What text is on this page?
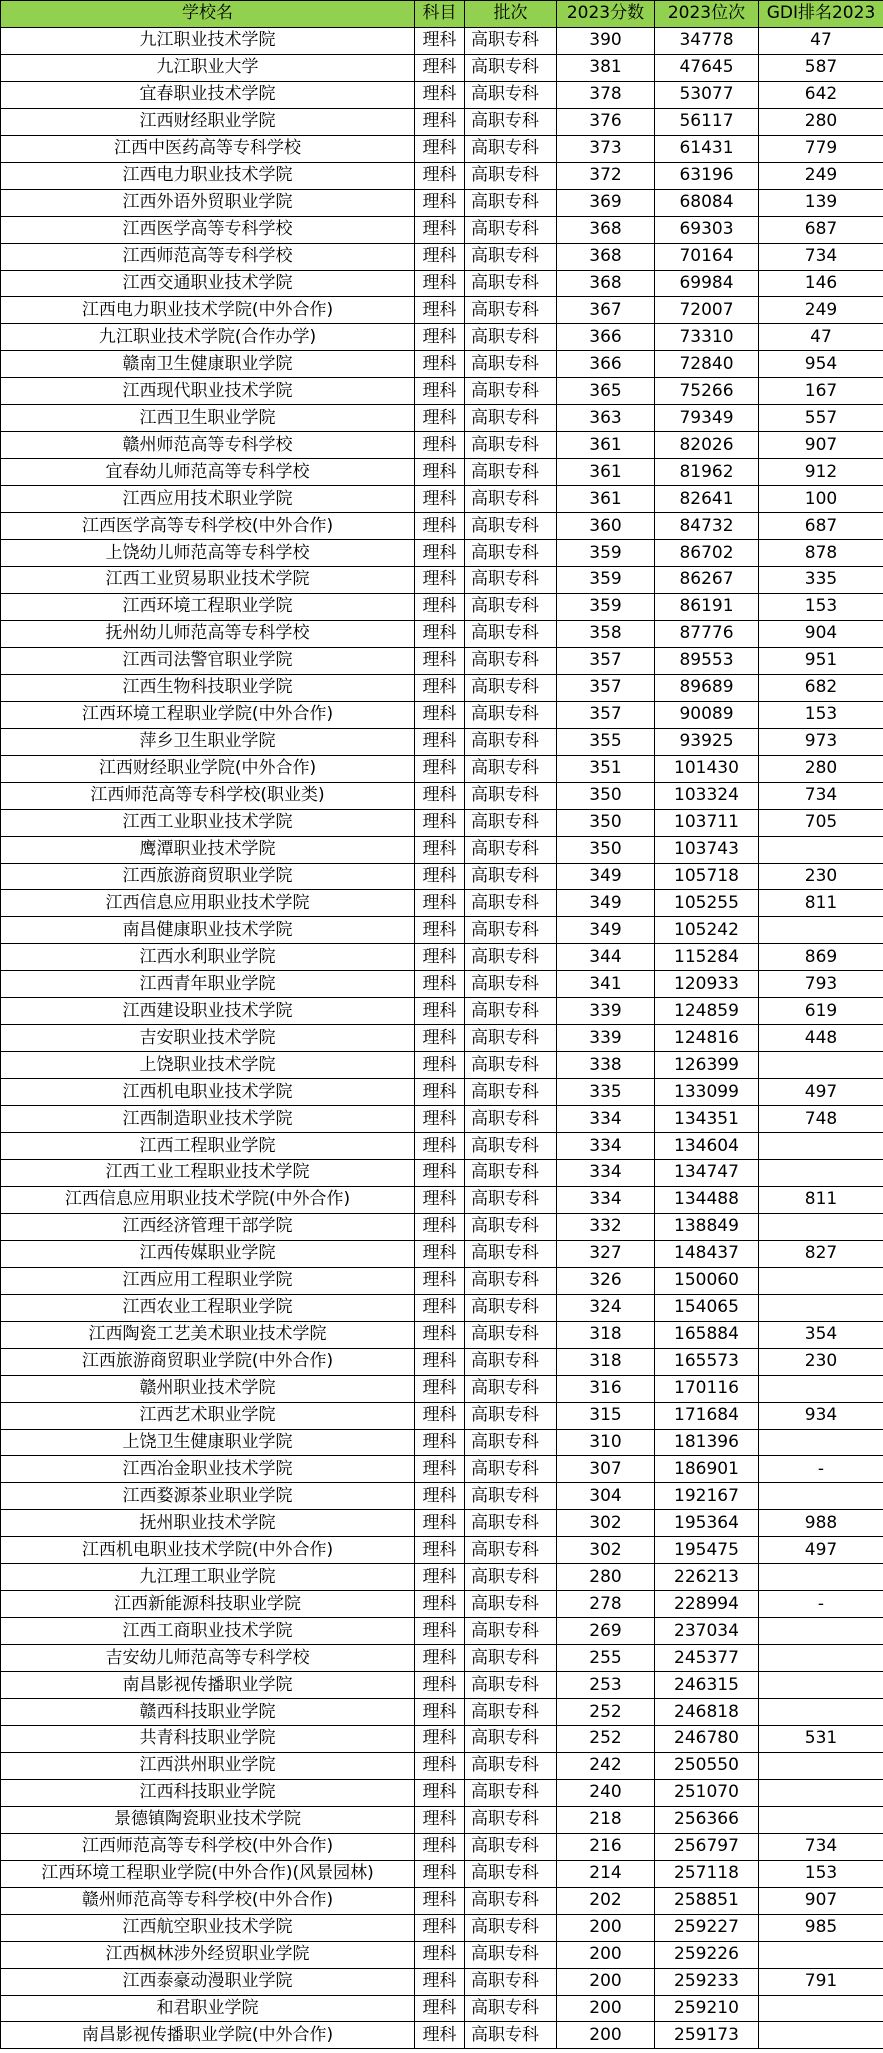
学校名	科目	批次	2023分数	2023位次	GDI排名2023
九江职业技术学院	理科	高职专科	390	34778	47
九江职业大学	理科	高职专科	381	47645	587
宜春职业技术学院	理科	高职专科	378	53077	642
江西财经职业学院	理科	高职专科	376	56117	280
江西中医药高等专科学校	理科	高职专科	373	61431	779
江西电力职业技术学院	理科	高职专科	372	63196	249
江西外语外贸职业学院	理科	高职专科	369	68084	139
江西医学高等专科学校	理科	高职专科	368	69303	687
江西师范高等专科学校	理科	高职专科	368	70164	734
江西交通职业技术学院	理科	高职专科	368	69984	146
江西电力职业技术学院(中外合作)	理科	高职专科	367	72007	249
九江职业技术学院(合作办学)	理科	高职专科	366	73310	47
赣南卫生健康职业学院	理科	高职专科	366	72840	954
江西现代职业技术学院	理科	高职专科	365	75266	167
江西卫生职业学院	理科	高职专科	363	79349	557
赣州师范高等专科学校	理科	高职专科	361	82026	907
宜春幼儿师范高等专科学校	理科	高职专科	361	81962	912
江西应用技术职业学院	理科	高职专科	361	82641	100
江西医学高等专科学校(中外合作)	理科	高职专科	360	84732	687
上饶幼儿师范高等专科学校	理科	高职专科	359	86702	878
江西工业贸易职业技术学院	理科	高职专科	359	86267	335
江西环境工程职业学院	理科	高职专科	359	86191	153
抚州幼儿师范高等专科学校	理科	高职专科	358	87776	904
江西司法警官职业学院	理科	高职专科	357	89553	951
江西生物科技职业学院	理科	高职专科	357	89689	682
江西环境工程职业学院(中外合作)	理科	高职专科	357	90089	153
萍乡卫生职业学院	理科	高职专科	355	93925	973
江西财经职业学院(中外合作)	理科	高职专科	351	101430	280
江西师范高等专科学校(职业类)	理科	高职专科	350	103324	734
江西工业职业技术学院	理科	高职专科	350	103711	705
鹰潭职业技术学院	理科	高职专科	350	103743	
江西旅游商贸职业学院	理科	高职专科	349	105718	230
江西信息应用职业技术学院	理科	高职专科	349	105255	811
南昌健康职业技术学院	理科	高职专科	349	105242	
江西水利职业学院	理科	高职专科	344	115284	869
江西青年职业学院	理科	高职专科	341	120933	793
江西建设职业技术学院	理科	高职专科	339	124859	619
吉安职业技术学院	理科	高职专科	339	124816	448
上饶职业技术学院	理科	高职专科	338	126399	
江西机电职业技术学院	理科	高职专科	335	133099	497
江西制造职业技术学院	理科	高职专科	334	134351	748
江西工程职业学院	理科	高职专科	334	134604	
江西工业工程职业技术学院	理科	高职专科	334	134747	
江西信息应用职业技术学院(中外合作)	理科	高职专科	334	134488	811
江西经济管理干部学院	理科	高职专科	332	138849	
江西传媒职业学院	理科	高职专科	327	148437	827
江西应用工程职业学院	理科	高职专科	326	150060	
江西农业工程职业学院	理科	高职专科	324	154065	
江西陶瓷工艺美术职业技术学院	理科	高职专科	318	165884	354
江西旅游商贸职业学院(中外合作)	理科	高职专科	318	165573	230
赣州职业技术学院	理科	高职专科	316	170116	
江西艺术职业学院	理科	高职专科	315	171684	934
上饶卫生健康职业学院	理科	高职专科	310	181396	
江西冶金职业技术学院	理科	高职专科	307	186901	-
江西婺源茶业职业学院	理科	高职专科	304	192167	
抚州职业技术学院	理科	高职专科	302	195364	988
江西机电职业技术学院(中外合作)	理科	高职专科	302	195475	497
九江理工职业学院	理科	高职专科	280	226213	
江西新能源科技职业学院	理科	高职专科	278	228994	-
江西工商职业技术学院	理科	高职专科	269	237034	
吉安幼儿师范高等专科学校	理科	高职专科	255	245377	
南昌影视传播职业学院	理科	高职专科	253	246315	
赣西科技职业学院	理科	高职专科	252	246818	
共青科技职业学院	理科	高职专科	252	246780	531
江西洪州职业学院	理科	高职专科	242	250550	
江西科技职业学院	理科	高职专科	240	251070	
景德镇陶瓷职业技术学院	理科	高职专科	218	256366	
江西师范高等专科学校(中外合作)	理科	高职专科	216	256797	734
江西环境工程职业学院(中外合作)(风景园林)	理科	高职专科	214	257118	153
赣州师范高等专科学校(中外合作)	理科	高职专科	202	258851	907
江西航空职业技术学院	理科	高职专科	200	259227	985
江西枫林涉外经贸职业学院	理科	高职专科	200	259226	
江西泰豪动漫职业学院	理科	高职专科	200	259233	791
和君职业学院	理科	高职专科	200	259210	
南昌影视传播职业学院(中外合作)	理科	高职专科	200	259173	
